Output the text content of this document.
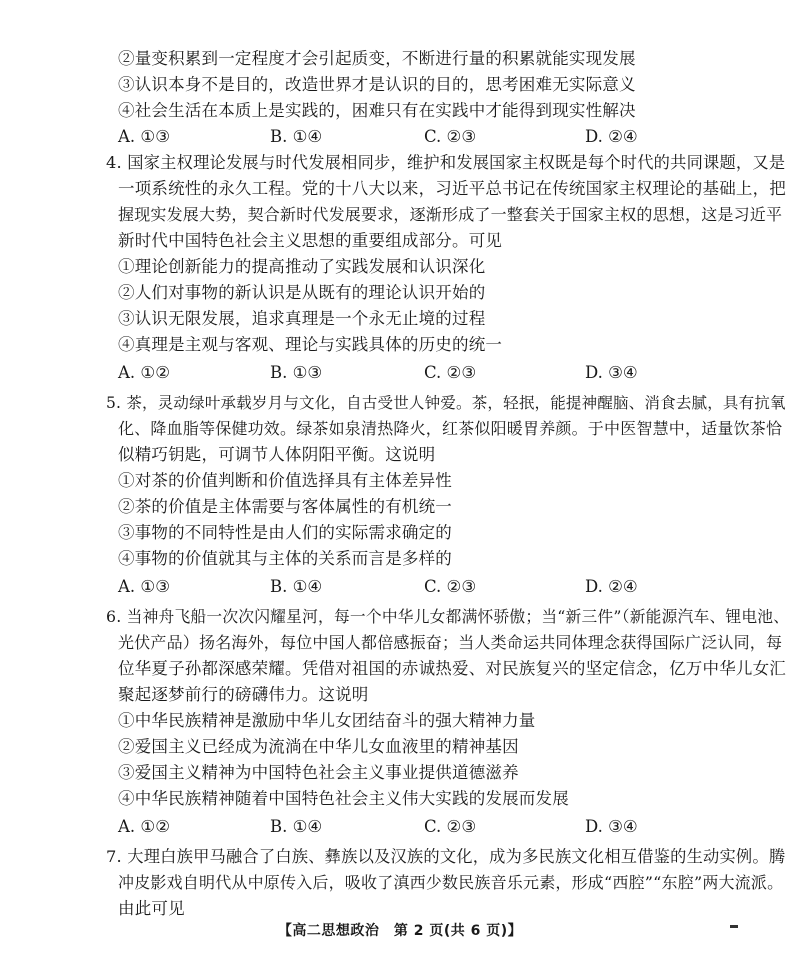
②量变积累到一定程度才会引起质变，不断进行量的积累就能实现发展
③认识本身不是目的，改造世界才是认识的目的，思考困难无实际意义
④社会生活在本质上是实践的，困难只有在实践中才能得到现实性解决
A. ①③	B. ①④	C. ②③	D. ②④
4. 国家主权理论发展与时代发展相同步，维护和发展国家主权既是每个时代的共同课题，又是
一项系统性的永久工程。党的十八大以来，习近平总书记在传统国家主权理论的基础上，把
握现实发展大势，契合新时代发展要求，逐渐形成了一整套关于国家主权的思想，这是习近平
新时代中国特色社会主义思想的重要组成部分。可见
①理论创新能力的提高推动了实践发展和认识深化
②人们对事物的新认识是从既有的理论认识开始的
③认识无限发展，追求真理是一个永无止境的过程
④真理是主观与客观、理论与实践具体的历史的统一
A. ①②	B. ①③	C. ②③	D. ③④
5. 茶，灵动绿叶承载岁月与文化，自古受世人钟爱。茶，轻抿，能提神醒脑、消食去腻，具有抗氧
化、降血脂等保健功效。绿茶如泉清热降火，红茶似阳暖胃养颜。于中医智慧中，适量饮茶恰
似精巧钥匙，可调节人体阴阳平衡。这说明
①对茶的价值判断和价值选择具有主体差异性
②茶的价值是主体需要与客体属性的有机统一
③事物的不同特性是由人们的实际需求确定的
④事物的价值就其与主体的关系而言是多样的
A. ①③	B. ①④	C. ②③	D. ②④
6. 当神舟飞船一次次闪耀星河，每一个中华儿女都满怀骄傲；当“新三件”（新能源汽车、锂电池、
光伏产品）扬名海外，每位中国人都倍感振奋；当人类命运共同体理念获得国际广泛认同，每
位华夏子孙都深感荣耀。凭借对祖国的赤诚热爱、对民族复兴的坚定信念，亿万中华儿女汇
聚起逐梦前行的磅礴伟力。这说明
①中华民族精神是激励中华儿女团结奋斗的强大精神力量
②爱国主义已经成为流淌在中华儿女血液里的精神基因
③爱国主义精神为中国特色社会主义事业提供道德滋养
④中华民族精神随着中国特色社会主义伟大实践的发展而发展
A. ①②	B. ①④	C. ②③	D. ③④
7. 大理白族甲马融合了白族、彝族以及汉族的文化，成为多民族文化相互借鉴的生动实例。腾
冲皮影戏自明代从中原传入后，吸收了滇西少数民族音乐元素，形成“西腔”“东腔”两大流派。
由此可见
【高二思想政治　第 2 页(共 6 页)】
